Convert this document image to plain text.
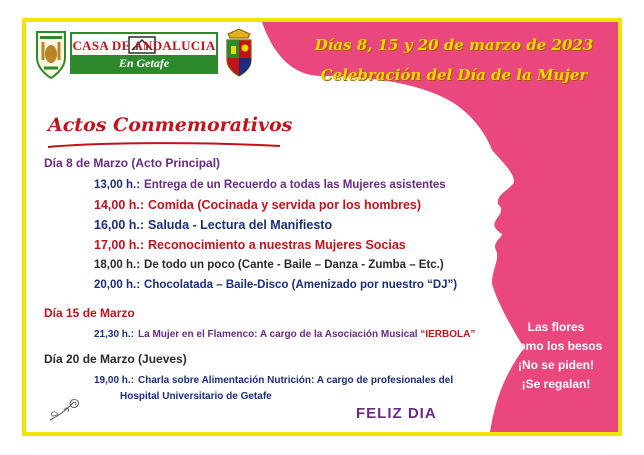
CASA DE ANDALUCIA
En Getafe
Días 8, 15 y 20 de marzo de 2023
Celebración del Día de la Mujer
Actos Conmemorativos
Día 8 de Marzo (Acto Principal)
13,00 h.: Entrega de un Recuerdo a todas las Mujeres asistentes
14,00 h.: Comida (Cocinada y servida por los hombres)
16,00 h.: Saluda - Lectura del Manifiesto
17,00 h.: Reconocimiento a nuestras Mujeres Socias
18,00 h.: De todo un poco (Cante - Baile – Danza - Zumba – Etc.)
20,00 h.: Chocolatada – Baile-Disco (Amenizado por nuestro “DJ”)
Día 15 de Marzo
21,30 h.: La Mujer en el Flamenco: A cargo de la Asociación Musical “IERBOLA”
Día 20 de Marzo (Jueves)
19,00 h.: Charla sobre Alimentación Nutrición: A cargo de profesionales del
Hospital Universitario de Getafe
Las flores
Como los besos
¡No se piden!
¡Se regalan!
FELIZ DIA
